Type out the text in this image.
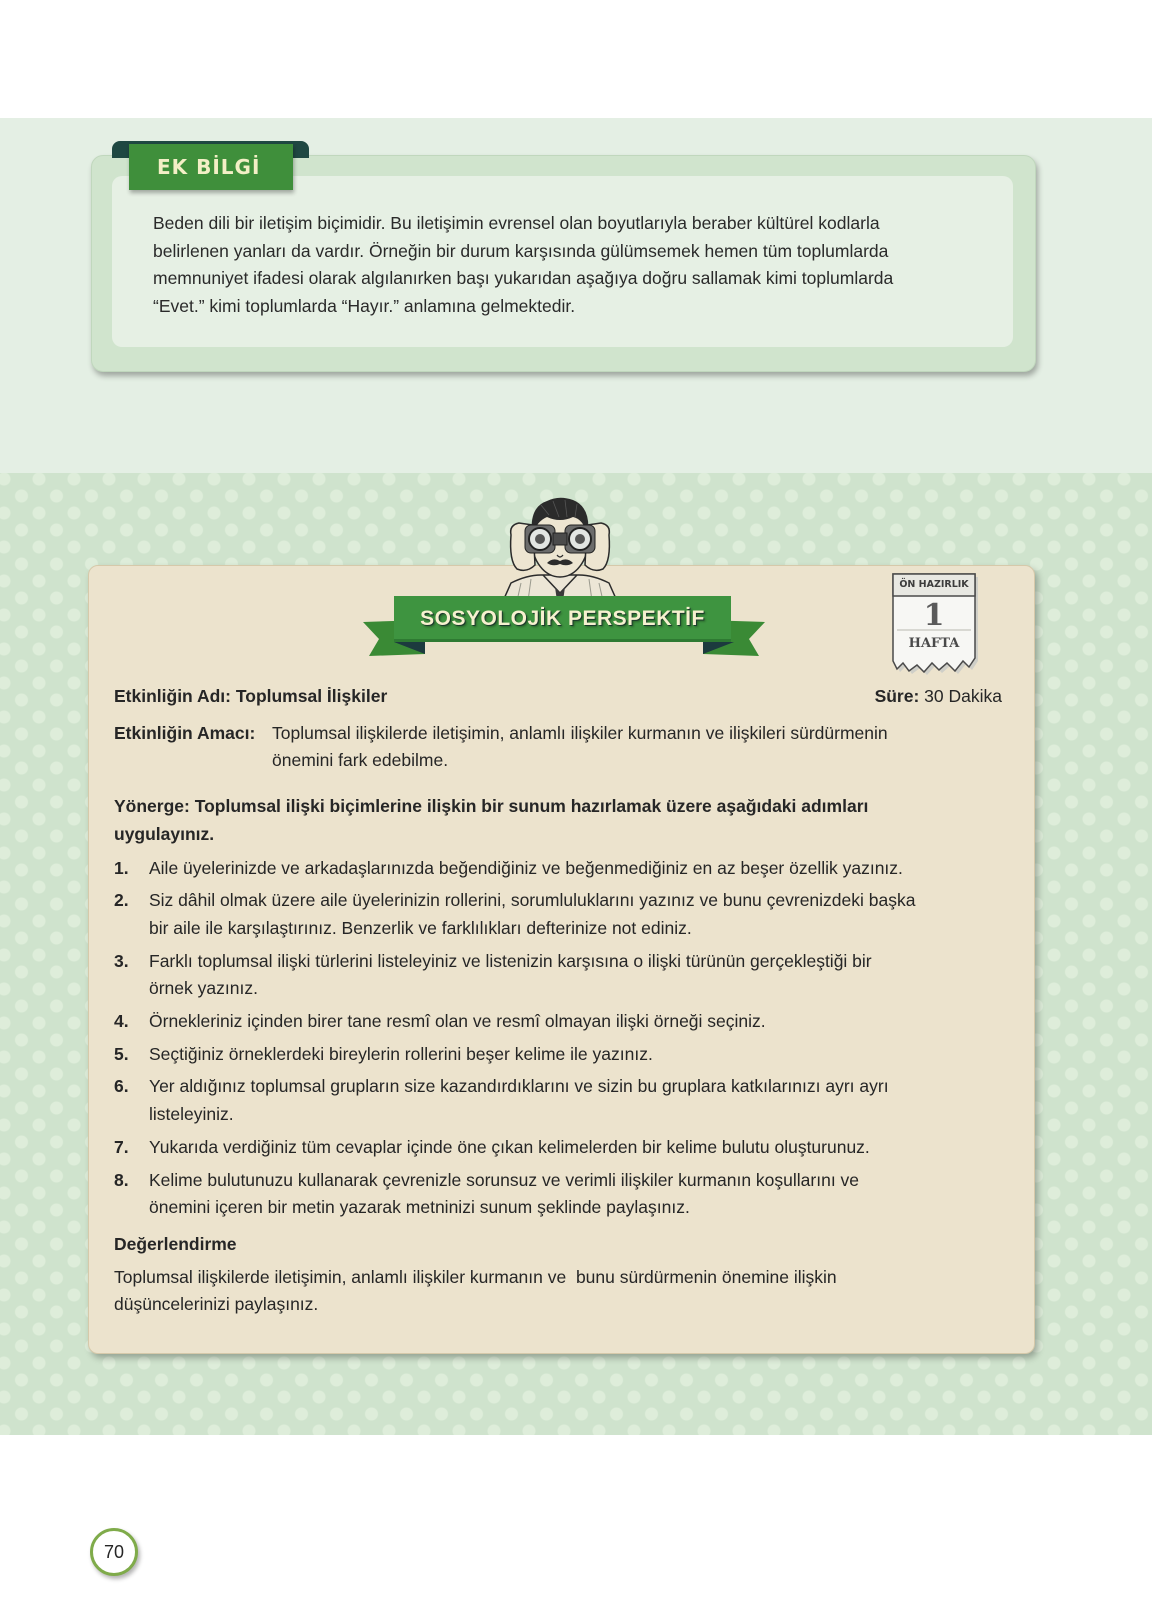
Beden dili bir iletişim biçimidir. Bu iletişimin evrensel olan boyutlarıyla beraber kültürel kodlarla
belirlenen yanları da vardır. Örneğin bir durum karşısında gülümsemek hemen tüm toplumlarda
memnuniyet ifadesi olarak algılanırken başı yukarıdan aşağıya doğru sallamak kimi toplumlarda
“Evet.” kimi toplumlarda “Hayır.” anlamına gelmektedir.

EK BİLGİ
SOSYOLOJİK PERSPEKTİF
ÖN HAZIRLIK
1
HAFTA
Etkinliğin Adı: Toplumsal İlişkiler	Süre: 30 Dakika
Etkinliğin Amacı: Toplumsal ilişkilerde iletişimin, anlamlı ilişkiler kurmanın ve ilişkileri sürdürmenin
önemini fark edebilme.
Yönerge: Toplumsal ilişki biçimlerine ilişkin bir sunum hazırlamak üzere aşağıdaki adımları
uygulayınız.
1.	Aile üyelerinizde ve arkadaşlarınızda beğendiğiniz ve beğenmediğiniz en az beşer özellik yazınız.
2.	Siz dâhil olmak üzere aile üyelerinizin rollerini, sorumluluklarını yazınız ve bunu çevrenizdeki başka
bir aile ile karşılaştırınız. Benzerlik ve farklılıkları defterinize not ediniz.
3.	Farklı toplumsal ilişki türlerini listeleyiniz ve listenizin karşısına o ilişki türünün gerçekleştiği bir
örnek yazınız.
4.	Örnekleriniz içinden birer tane resmî olan ve resmî olmayan ilişki örneği seçiniz.
5.	Seçtiğiniz örneklerdeki bireylerin rollerini beşer kelime ile yazınız.
6.	Yer aldığınız toplumsal grupların size kazandırdıklarını ve sizin bu gruplara katkılarınızı ayrı ayrı
listeleyiniz.
7.	Yukarıda verdiğiniz tüm cevaplar içinde öne çıkan kelimelerden bir kelime bulutu oluşturunuz.
8.	Kelime bulutunuzu kullanarak çevrenizle sorunsuz ve verimli ilişkiler kurmanın koşullarını ve
önemini içeren bir metin yazarak metninizi sunum şeklinde paylaşınız.
Değerlendirme
Toplumsal ilişkilerde iletişimin, anlamlı ilişkiler kurmanın ve  bunu sürdürmenin önemine ilişkin
düşüncelerinizi paylaşınız.
70
